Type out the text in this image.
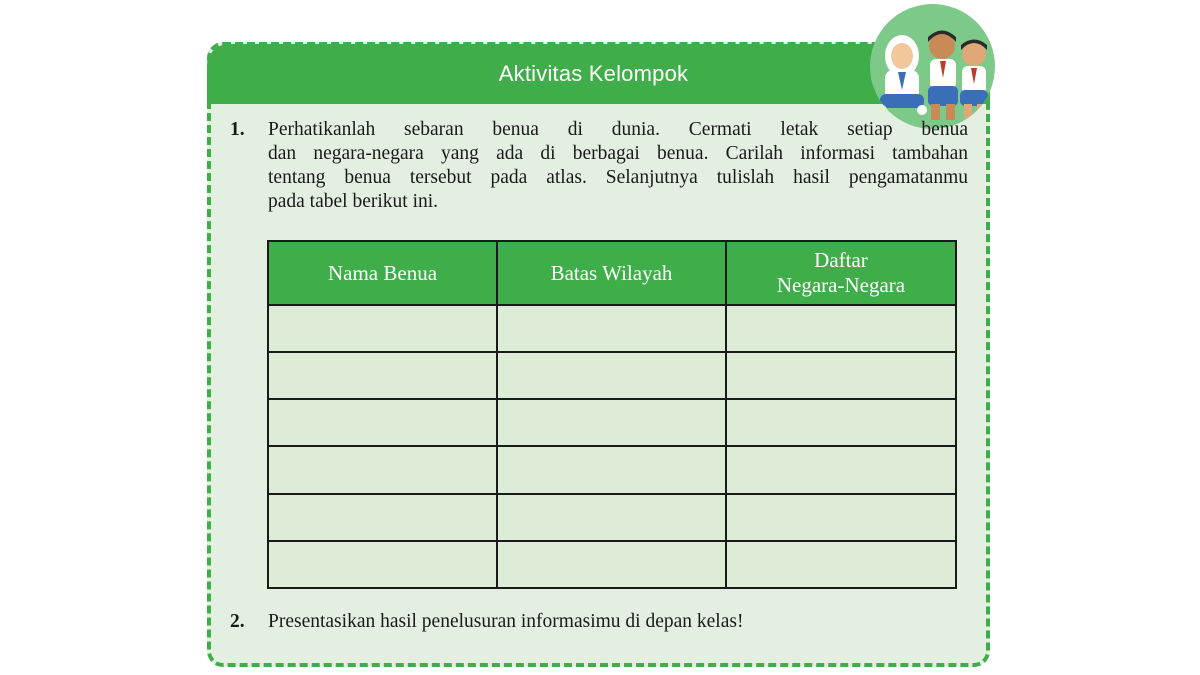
Aktivitas Kelompok
1. Perhatikanlah sebaran benua di dunia. Cermati letak setiap benua
dan negara-negara yang ada di berbagai benua. Carilah informasi tambahan
tentang benua tersebut pada atlas. Selanjutnya tulislah hasil pengamatanmu
pada tabel berikut ini.
Nama Benua	Batas Wilayah	Daftar
Negara-Negara

2. Presentasikan hasil penelusuran informasimu di depan kelas!
